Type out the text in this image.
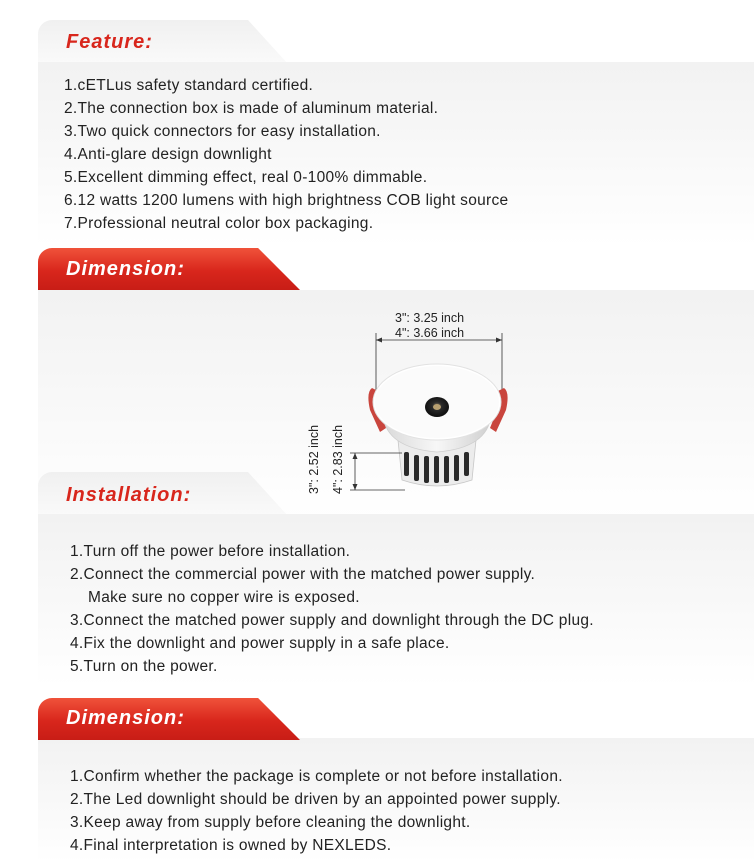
Feature:
1.cETLus safety standard certified.
2.The connection box is made of aluminum material.
3.Two quick connectors for easy installation.
4.Anti-glare design downlight
5.Excellent dimming effect, real 0-100% dimmable.
6.12 watts 1200 lumens with high brightness COB light source
7.Professional neutral color box packaging.
Dimension:
3": 3.25 inch
4": 3.66 inch
3": 2.52 inch 4": 2.83 inch
Installation:
1.Turn off the power before installation.
2.Connect the commercial power with the matched power supply.
Make sure no copper wire is exposed.
3.Connect the matched power supply and downlight through the DC plug.
4.Fix the downlight and power supply in a safe place.
5.Turn on the power.
Dimension:
1.Confirm whether the package is complete or not before installation.
2.The Led downlight should be driven by an appointed power supply.
3.Keep away from supply before cleaning the downlight.
4.Final interpretation is owned by NEXLEDS.
